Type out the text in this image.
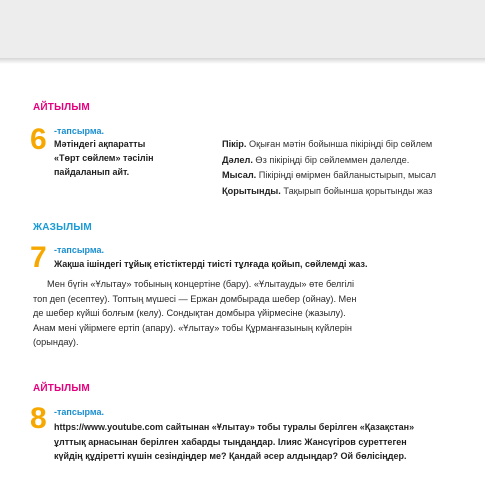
АЙТЫЛЫМ
6 -тапсырма.
Мәтіндегі ақпаратты
«Төрт сөйлем» тәсілін
пайдаланып айт.
Пікір. Оқыған мәтін бойынша пікіріңді бір сөйлем
Дәлел. Өз пікіріңді бір сөйлеммен дәлелде.
Мысал. Пікіріңді өмірмен байланыстырып, мысал
Қорытынды. Тақырып бойынша қорытынды жаз
ЖАЗЫЛЫМ
7 -тапсырма.
Жақша ішіндегі тұйық етістіктерді тиісті тұлғада қойып, сөйлемді жаз.
Мен бүгін «Ұлытау» тобының концертіне (бару). «Ұлытауды» өте белгілі
топ деп (есептеу). Топтың мүшесі — Ержан домбырада шебер (ойнау). Мен
де шебер күйші болғым (келу). Сондықтан домбыра үйірмесіне (жазылу).
Анам мені үйірмеге ертіп (апару). «Ұлытау» тобы Құрманғазының күйлерін
(орындау).
АЙТЫЛЫМ
8 -тапсырма.
https://www.youtube.com сайтынан «Ұлытау» тобы туралы берілген «Қазақстан»
ұлттық арнасынан берілген хабарды тыңдаңдар. Ілияс Жансүгіров суреттеген
күйдің құдіретті күшін сезіндіңдер ме? Қандай әсер алдыңдар? Ой бөлісіңдер.
